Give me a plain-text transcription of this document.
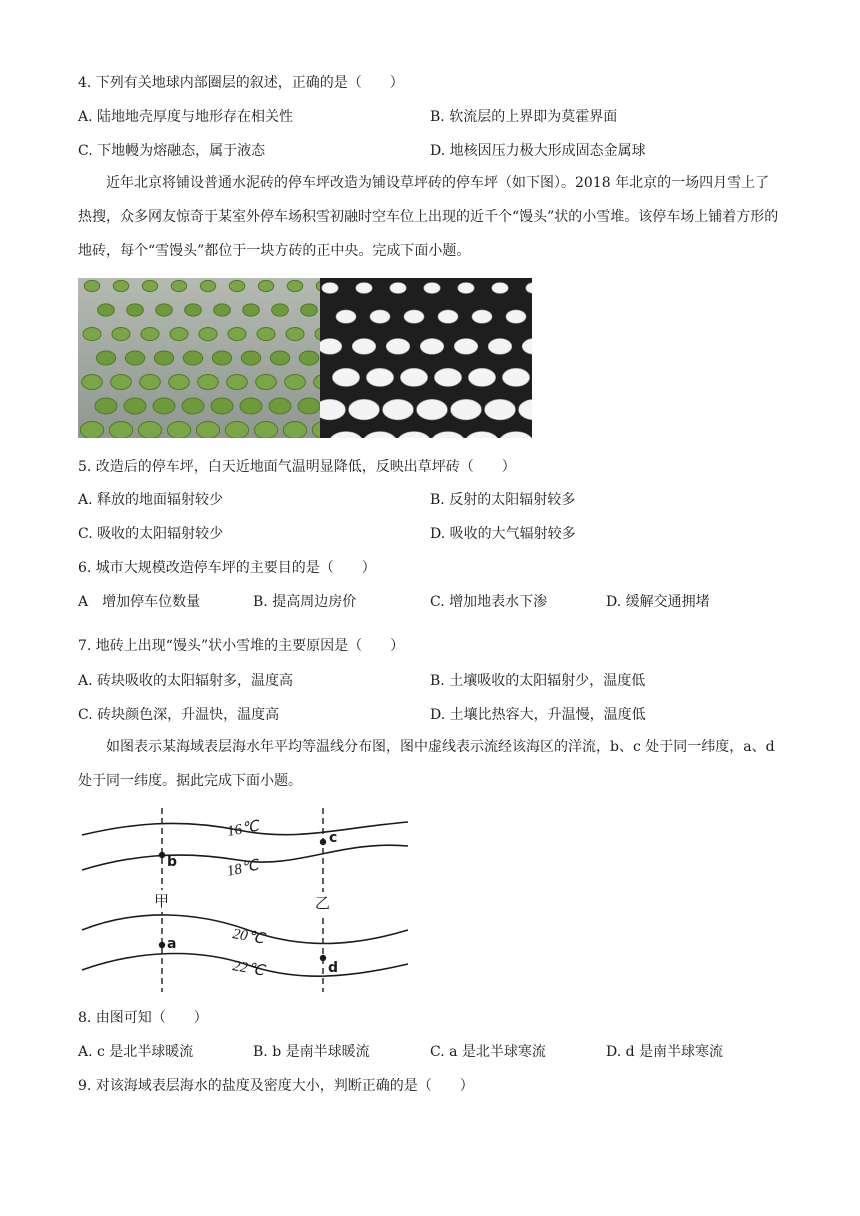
4. 下列有关地球内部圈层的叙述，正确的是（　　）
A. 陆地地壳厚度与地形存在相关性	B. 软流层的上界即为莫霍界面
C. 下地幔为熔融态，属于液态	D. 地核因压力极大形成固态金属球
近年北京将铺设普通水泥砖的停车坪改造为铺设草坪砖的停车坪（如下图）。2018 年北京的一场四月雪上了热搜，众多网友惊奇于某室外停车场积雪初融时空车位上出现的近千个“馒头”状的小雪堆。该停车场上铺着方形的地砖，每个“雪馒头”都位于一块方砖的正中央。完成下面小题。
5. 改造后的停车坪，白天近地面气温明显降低，反映出草坪砖（　　）
A. 释放的地面辐射较少	B. 反射的太阳辐射较多
C. 吸收的太阳辐射较少	D. 吸收的大气辐射较多
6. 城市大规模改造停车坪的主要目的是（　　）
A　增加停车位数量	B. 提高周边房价	C. 增加地表水下渗	D. 缓解交通拥堵
7. 地砖上出现“馒头”状小雪堆的主要原因是（　　）
A. 砖块吸收的太阳辐射多，温度高	B. 土壤吸收的太阳辐射少，温度低
C. 砖块颜色深，升温快，温度高	D. 土壤比热容大，升温慢，温度低
如图表示某海域表层海水年平均等温线分布图，图中虚线表示流经该海区的洋流，b、c 处于同一纬度，a、d 处于同一纬度。据此完成下面小题。
16℃
18℃
20℃
22℃
a
b
c
d
甲	乙
8. 由图可知（　　）
A. c 是北半球暖流	B. b 是南半球暖流	C. a 是北半球寒流	D. d 是南半球寒流
9. 对该海域表层海水的盐度及密度大小，判断正确的是（　　）
